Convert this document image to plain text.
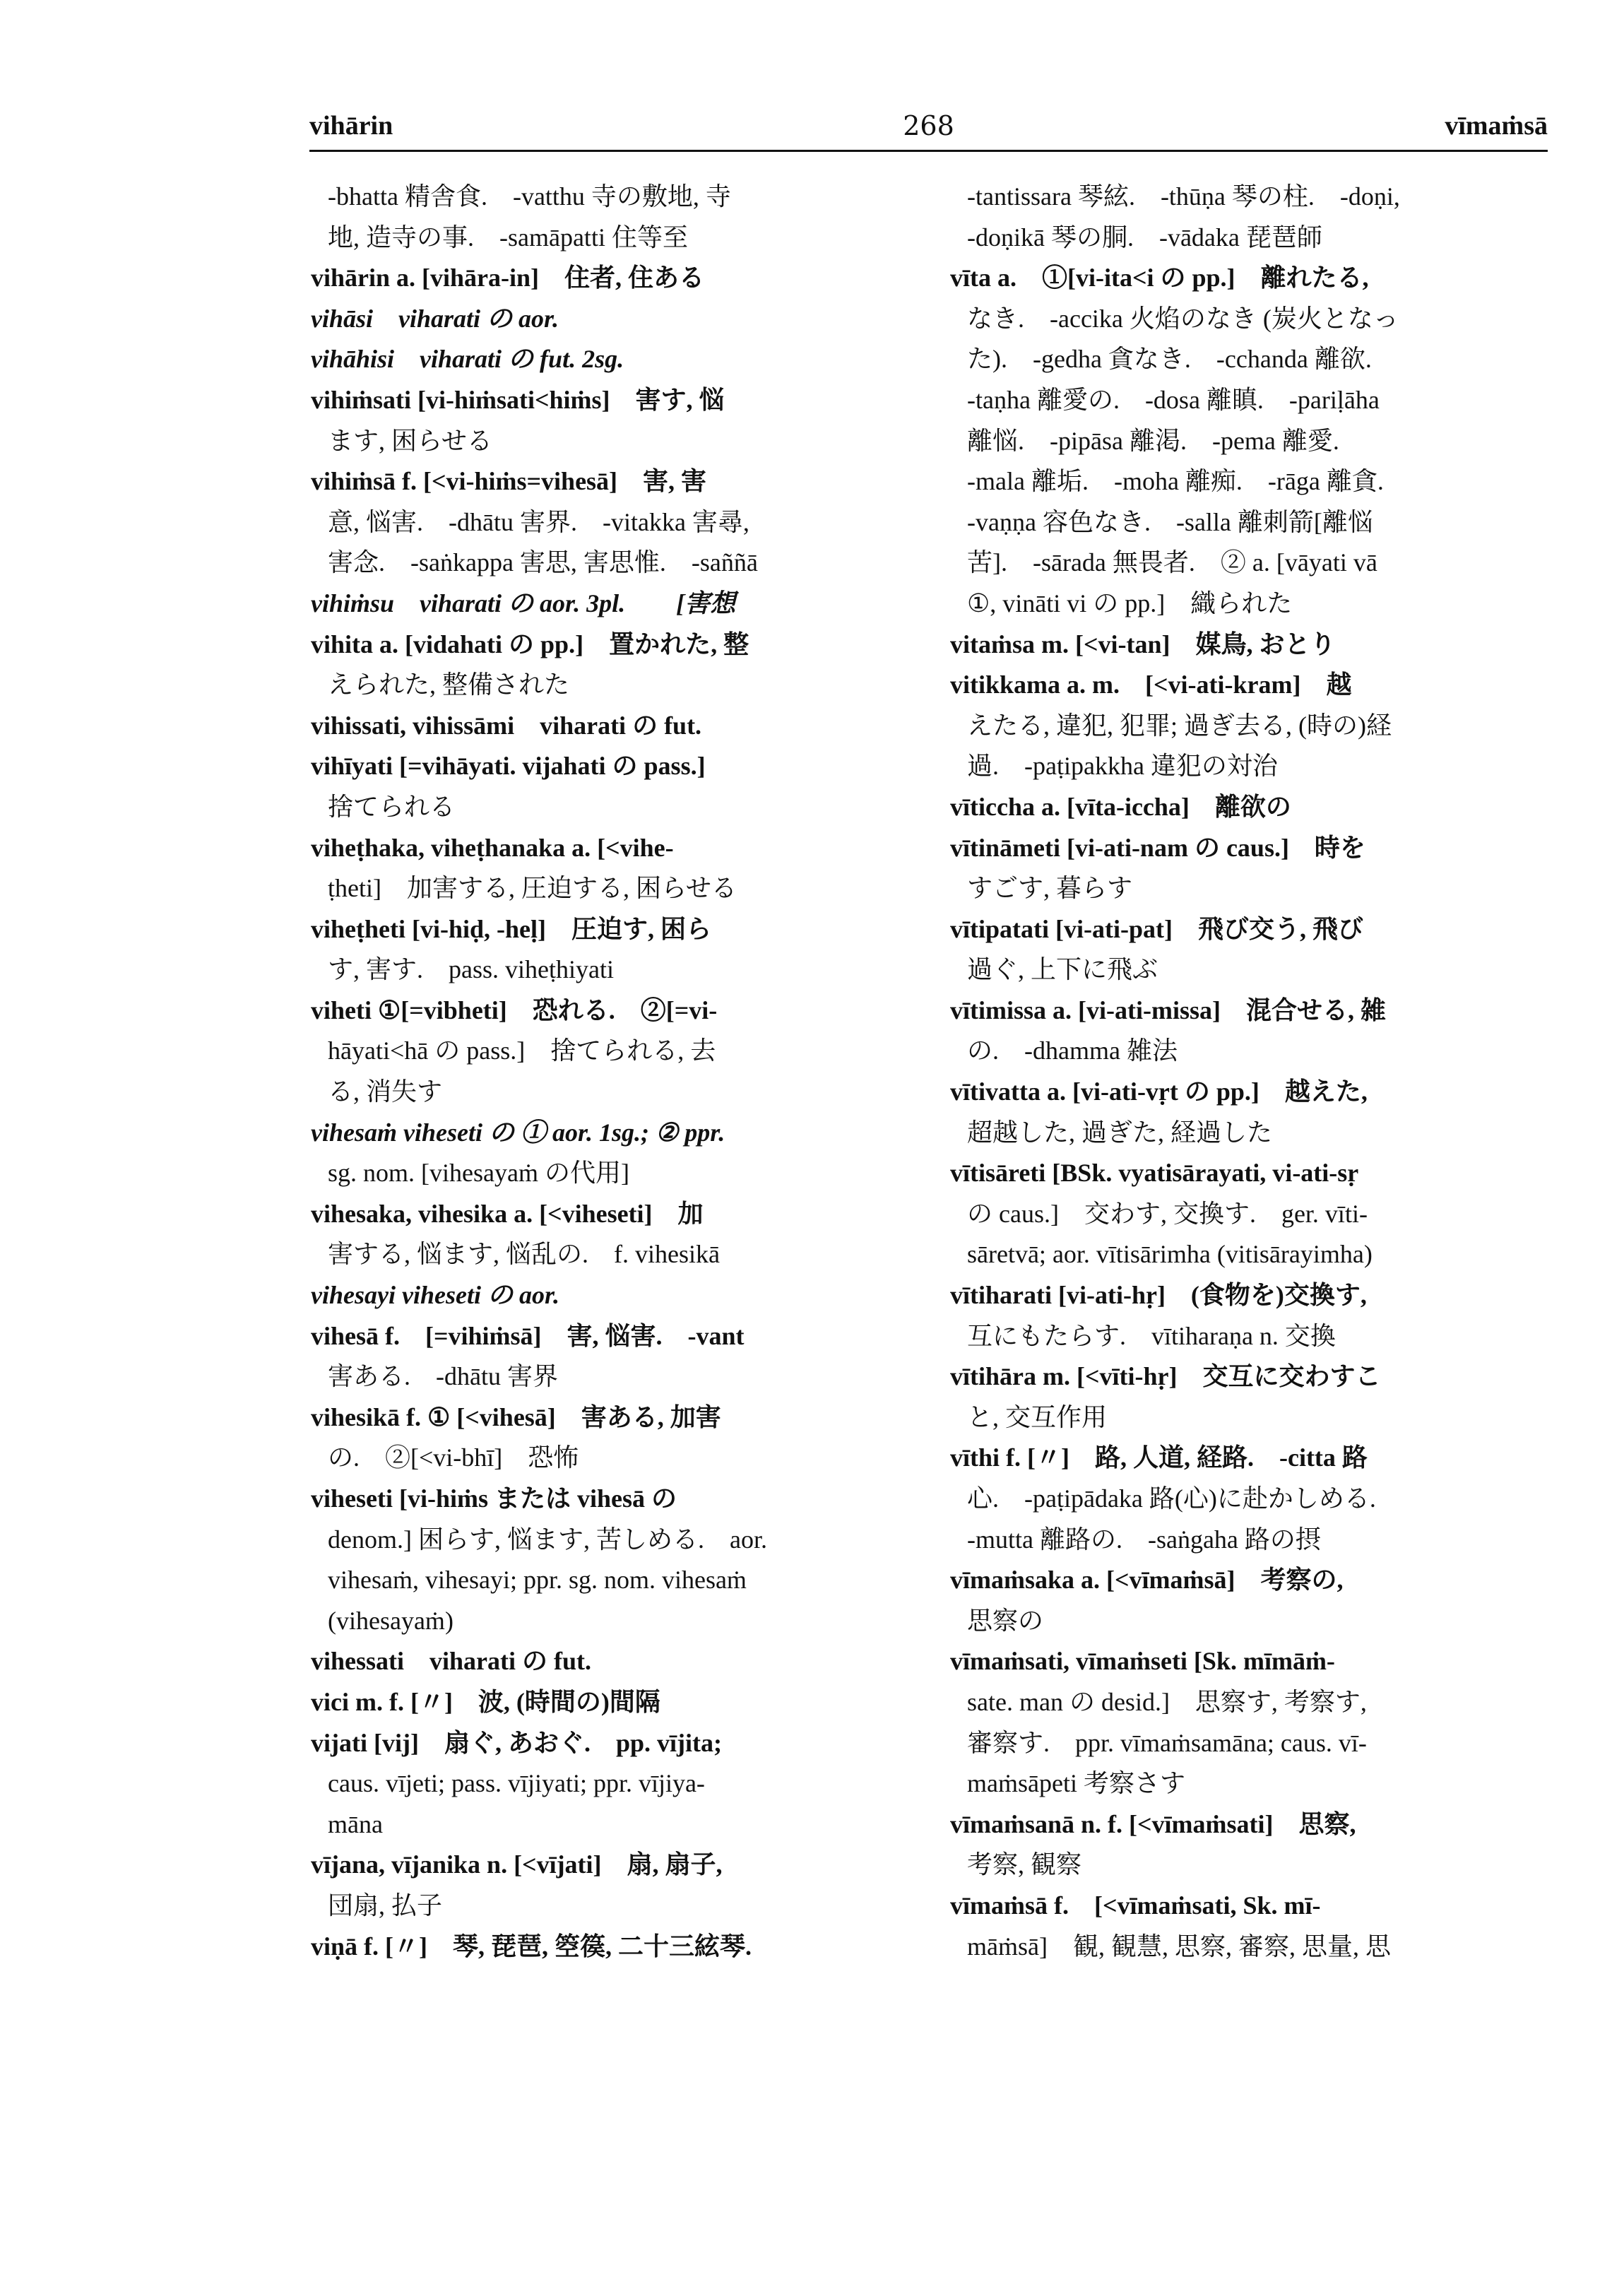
vihārin	268	vīmaṁsā
-bhatta 精舎食.　-vatthu 寺の敷地, 寺
地, 造寺の事.　-samāpatti 住等至
vihārin a. [vihāra-in]　住者, 住ある
vihāsi　viharati の aor.
vihāhisi　viharati の fut. 2sg.
vihiṁsati [vi-hiṁsati<hiṁs]　害す, 悩
ます, 困らせる
vihiṁsā f. [<vi-hiṁs=vihesā]　害, 害
意, 悩害.　-dhātu 害界.　-vitakka 害尋,
害念.　-saṅkappa 害思, 害思惟.　-saññā
vihiṁsu　viharati の aor. 3pl.　　[害想
vihita a. [vidahati の pp.]　置かれた, 整
えられた, 整備された
vihissati, vihissāmi　viharati の fut.
vihīyati [=vihāyati. vijahati の pass.]
捨てられる
viheṭhaka, viheṭhanaka a. [<vihe-
ṭheti]　加害する, 圧迫する, 困らせる
viheṭheti [vi-hiḍ, -heḷ]　圧迫す, 困ら
す, 害す.　pass. viheṭhiyati
viheti ①[=vibheti]　恐れる.　②[=vi-
hāyati<hā の pass.]　捨てられる, 去
る, 消失す
vihesaṁ viheseti の ① aor. 1sg.; ② ppr.
sg. nom. [vihesayaṁ の代用]
vihesaka, vihesika a. [<viheseti]　加
害する, 悩ます, 悩乱の.　f. vihesikā
vihesayi viheseti の aor.
vihesā f.　[=vihiṁsā]　害, 悩害.　-vant
害ある.　-dhātu 害界
vihesikā f. ① [<vihesā]　害ある, 加害
の.　②[<vi-bhī]　恐怖
viheseti [vi-hiṁs または vihesā の
denom.] 困らす, 悩ます, 苦しめる.　aor.
vihesaṁ, vihesayi; ppr. sg. nom. vihesaṁ
(vihesayaṁ)
vihessati　viharati の fut.
vici m. f. [〃]　波, (時間の)間隔
vijati [vij]　扇ぐ, あおぐ.　pp. vījita;
caus. vījeti; pass. vījiyati; ppr. vījiya-
māna
vījana, vījanika n. [<vījati]　扇, 扇子,
団扇, 払子
viṇā f. [〃]　琴, 琵琶, 箜篌, 二十三絃琴.
-tantissara 琴絃.　-thūṇa 琴の柱.　-doṇi,
-doṇikā 琴の胴.　-vādaka 琵琶師
vīta a.　①[vi-ita<i の pp.]　離れたる,
なき.　-accika 火焰のなき (炭火となっ
た).　-gedha 貪なき.　-cchanda 離欲.
-taṇha 離愛の.　-dosa 離瞋.　-pariḷāha
離悩.　-pipāsa 離渇.　-pema 離愛.
-mala 離垢.　-moha 離痴.　-rāga 離貪.
-vaṇṇa 容色なき.　-salla 離刺箭[離悩
苦].　-sārada 無畏者.　② a. [vāyati vā
①, vināti vi の pp.]　織られた
vitaṁsa m. [<vi-tan]　媒鳥, おとり
vitikkama a. m.　[<vi-ati-kram]　越
えたる, 違犯, 犯罪; 過ぎ去る, (時の)経
過.　-paṭipakkha 違犯の対治
vīticcha a. [vīta-iccha]　離欲の
vītināmeti [vi-ati-nam の caus.]　時を
すごす, 暮らす
vītipatati [vi-ati-pat]　飛び交う, 飛び
過ぐ, 上下に飛ぶ
vītimissa a. [vi-ati-missa]　混合せる, 雑
の.　-dhamma 雑法
vītivatta a. [vi-ati-vṛt の pp.]　越えた,
超越した, 過ぎた, 経過した
vītisāreti [BSk. vyatisārayati, vi-ati-sṛ
の caus.]　交わす, 交換す.　ger. vīti-
sāretvā; aor. vītisārimha (vitisārayimha)
vītiharati [vi-ati-hṛ]　(食物を)交換す,
互にもたらす.　vītiharaṇa n. 交換
vītihāra m. [<vīti-hṛ]　交互に交わすこ
と, 交互作用
vīthi f. [〃]　路, 人道, 経路.　-citta 路
心.　-paṭipādaka 路(心)に赴かしめる.
-mutta 離路の.　-saṅgaha 路の摂
vīmaṁsaka a. [<vīmaṁsā]　考察の,
思察の
vīmaṁsati, vīmaṁseti [Sk. mīmāṁ-
sate. man の desid.]　思察す, 考察す,
審察す.　ppr. vīmaṁsamāna; caus. vī-
maṁsāpeti 考察さす
vīmaṁsanā n. f. [<vīmaṁsati]　思察,
考察, 観察
vīmaṁsā f.　[<vīmaṁsati, Sk. mī-
māṁsā]　観, 観慧, 思察, 審察, 思量, 思
